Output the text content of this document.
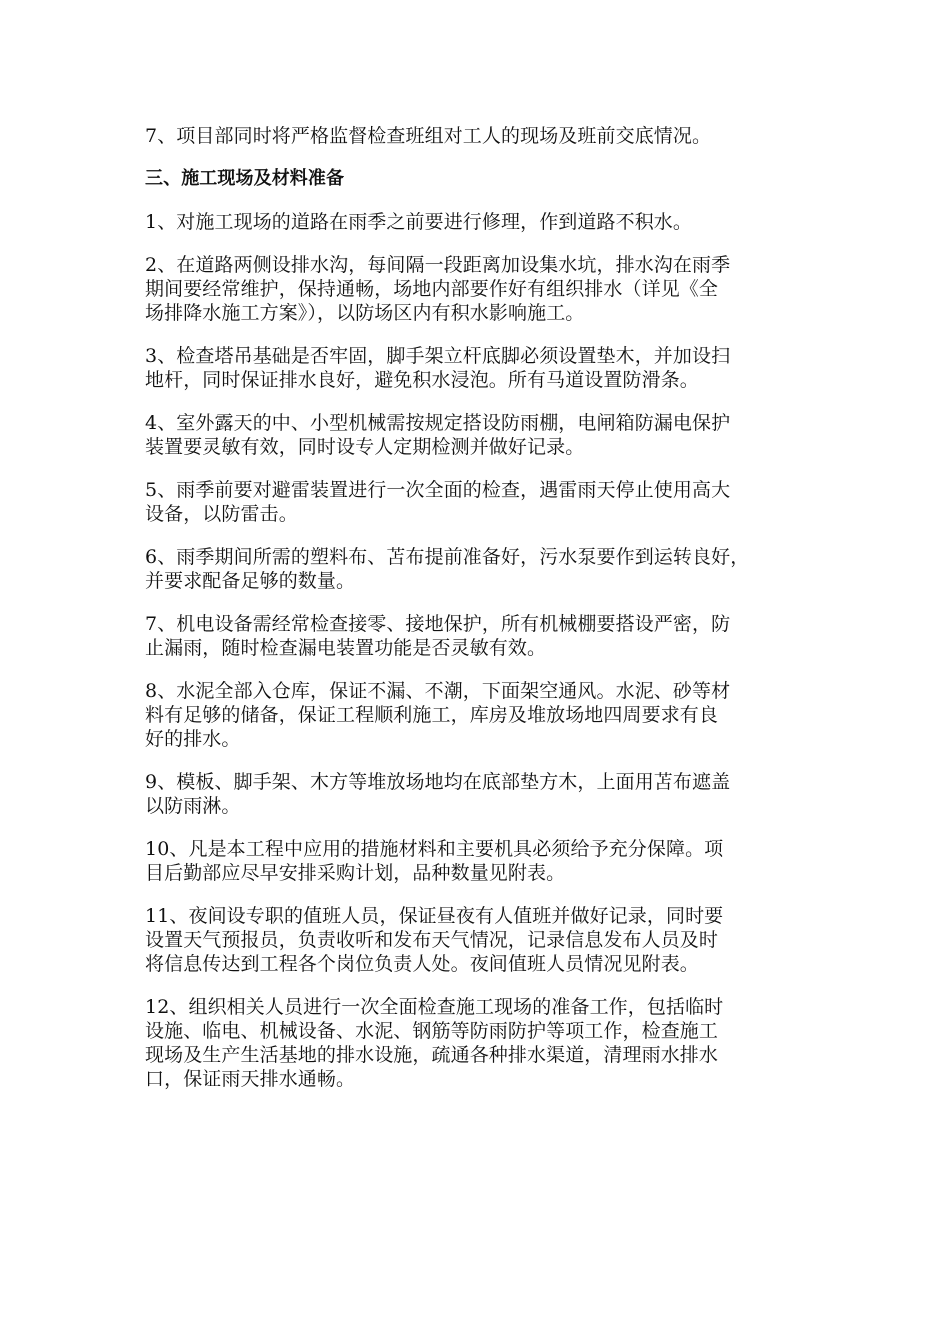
7、项目部同时将严格监督检查班组对工人的现场及班前交底情况。

三、施工现场及材料准备

1、对施工现场的道路在雨季之前要进行修理，作到道路不积水。

2、在道路两侧设排水沟，每间隔一段距离加设集水坑，排水沟在雨季
期间要经常维护，保持通畅，场地内部要作好有组织排水（详见《全
场排降水施工方案》），以防场区内有积水影响施工。

3、检查塔吊基础是否牢固，脚手架立杆底脚必须设置垫木，并加设扫
地杆，同时保证排水良好，避免积水浸泡。所有马道设置防滑条。

4、室外露天的中、小型机械需按规定搭设防雨棚，电闸箱防漏电保护
装置要灵敏有效，同时设专人定期检测并做好记录。

5、雨季前要对避雷装置进行一次全面的检查，遇雷雨天停止使用高大
设备，以防雷击。

6、雨季期间所需的塑料布、苫布提前准备好，污水泵要作到运转良好，
并要求配备足够的数量。

7、机电设备需经常检查接零、接地保护，所有机械棚要搭设严密，防
止漏雨，随时检查漏电装置功能是否灵敏有效。

8、水泥全部入仓库，保证不漏、不潮，下面架空通风。水泥、砂等材
料有足够的储备，保证工程顺利施工，库房及堆放场地四周要求有良
好的排水。

9、模板、脚手架、木方等堆放场地均在底部垫方木，上面用苫布遮盖
以防雨淋。

10、凡是本工程中应用的措施材料和主要机具必须给予充分保障。项
目后勤部应尽早安排采购计划，品种数量见附表。

11、夜间设专职的值班人员，保证昼夜有人值班并做好记录，同时要
设置天气预报员，负责收听和发布天气情况，记录信息发布人员及时
将信息传达到工程各个岗位负责人处。夜间值班人员情况见附表。

12、组织相关人员进行一次全面检查施工现场的准备工作，包括临时
设施、临电、机械设备、水泥、钢筋等防雨防护等项工作，检查施工
现场及生产生活基地的排水设施，疏通各种排水渠道，清理雨水排水
口，保证雨天排水通畅。
